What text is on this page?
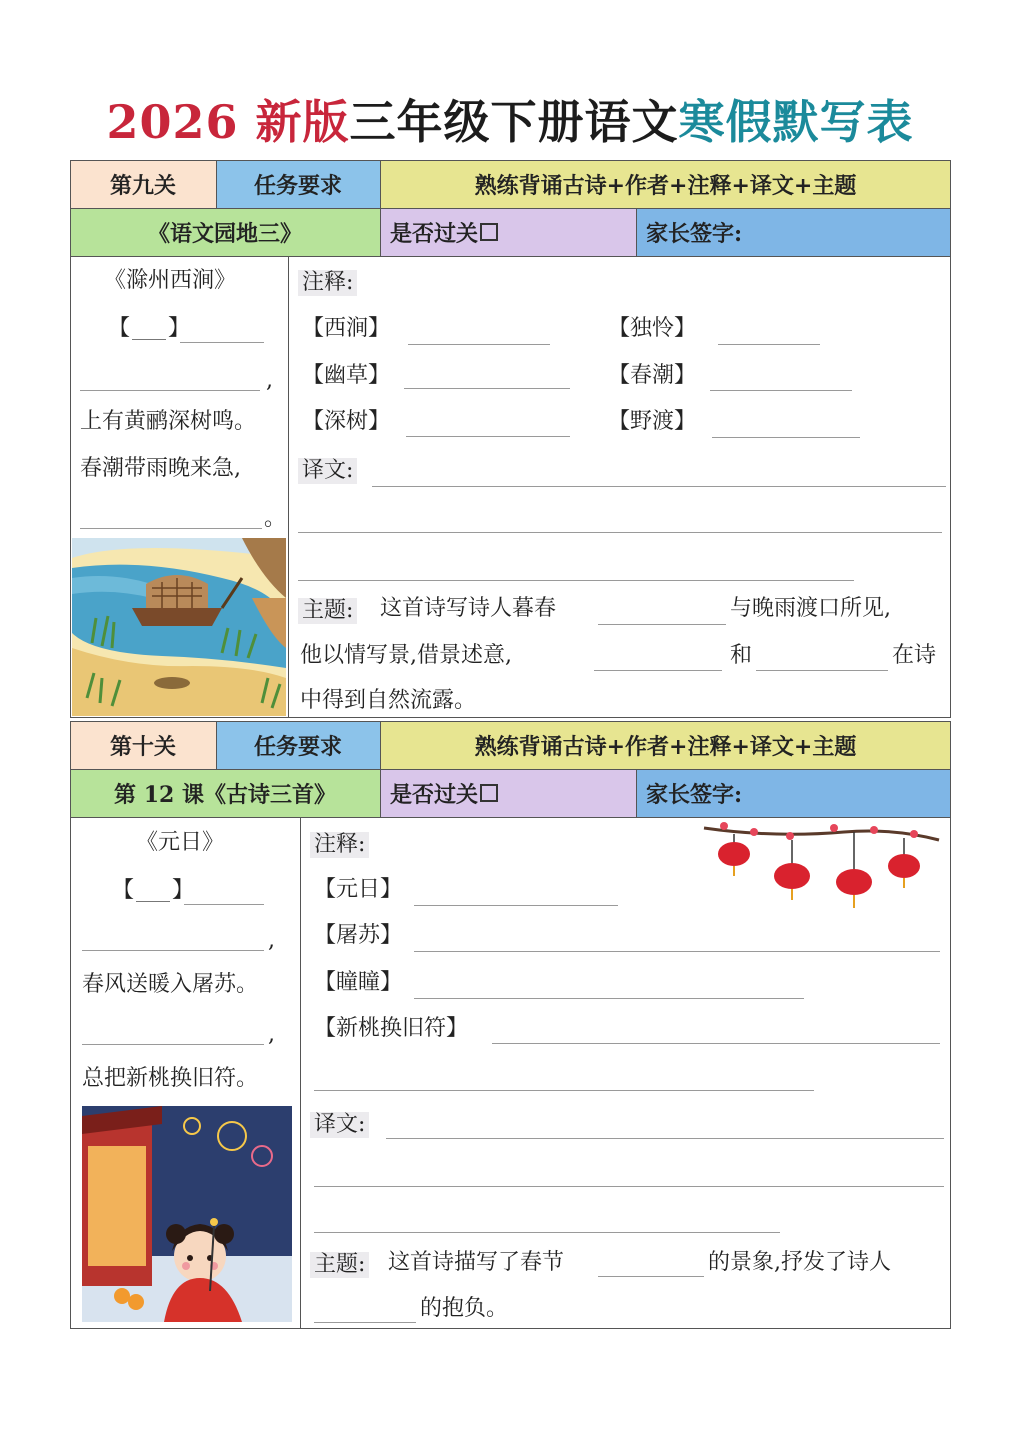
2026 新版三年级下册语文寒假默写表
第九关	任务要求	熟练背诵古诗+作者+注释+译文+主题
《语文园地三》	是否过关	家长签字:
《滁州西涧》
【 】
,
上有黄鹂深树鸣。
春潮带雨晚来急,
。
注释:
【西涧】	【独怜】
【幽草】	【春潮】
【深树】	【野渡】
译文:
主题: 这首诗写诗人暮春	与晚雨渡口所见,
他以情写景,借景述意,	和	在诗
中得到自然流露。
第十关	任务要求	熟练背诵古诗+作者+注释+译文+主题
第 12 课《古诗三首》	是否过关	家长签字:
《元日》
【 】
,
春风送暖入屠苏。
,
总把新桃换旧符。
注释:
【元日】
【屠苏】
【瞳瞳】
【新桃换旧符】
译文:
主题: 这首诗描写了春节	的景象,抒发了诗人
的抱负。
